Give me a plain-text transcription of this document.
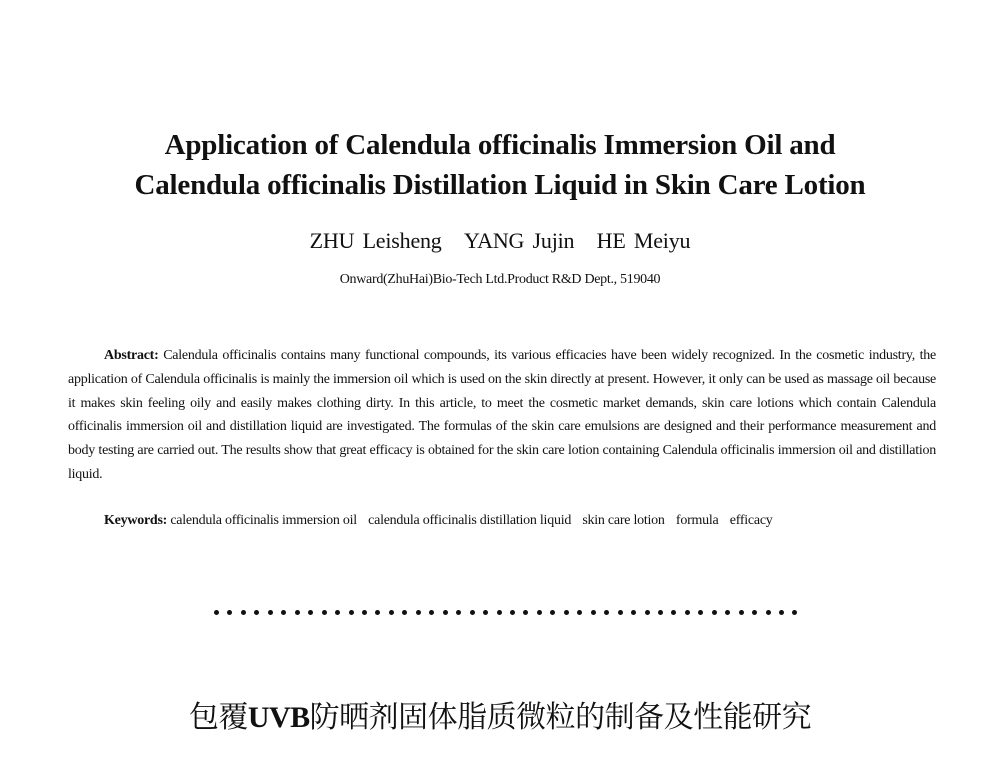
Application of Calendula officinalis Immersion Oil and
Calendula officinalis Distillation Liquid in Skin Care Lotion
ZHU Leisheng YANG Jujin HE Meiyu
Onward(ZhuHai)Bio-Tech Ltd.Product R&D Dept., 519040

Abstract: Calendula officinalis contains many functional compounds, its various efficacies have been widely recognized. In the cosmetic industry, the application of Calendula officinalis is mainly the immersion oil which is used on the skin directly at present. However, it only can be used as massage oil because it makes skin feeling oily and easily makes clothing dirty. In this article, to meet the cosmetic market demands, skin care lotions which contain Calendula officinalis immersion oil and distillation liquid are investigated. The formulas of the skin care emulsions are designed and their performance measurement and body testing are carried out. The results show that great efficacy is obtained for the skin care lotion containing Calendula officinalis immersion oil and distillation liquid.

Keywords: calendula officinalis immersion oil calendula officinalis distillation liquid skin care lotion formula efficacy
包覆UVB防晒剂固体脂质微粒的制备及性能研究
